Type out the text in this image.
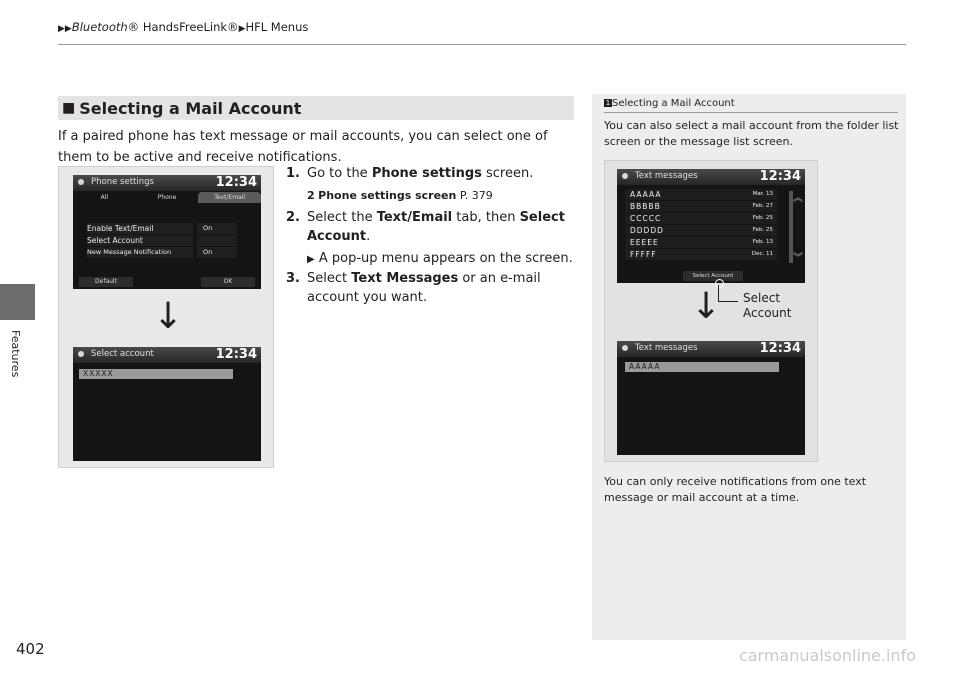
▶▶Bluetooth® HandsFreeLink®▶HFL Menus
Features
402
■ Selecting a Mail Account
If a paired phone has text message or mail accounts, you can select one of them to be active and receive notifications.
Phone settings	12:34
All	Phone	Text/Email
Enable Text/Email	On
Select Account
New Message Notification	On
Default	OK
↓
Select account	12:34
XXXXX
1. Go to the Phone settings screen.
2 Phone settings screen P. 379
2. Select the Text/Email tab, then Select Account.
▶ A pop-up menu appears on the screen.
3. Select Text Messages or an e-mail account you want.
1 Selecting a Mail Account
You can also select a mail account from the folder list screen or the message list screen.
Text messages	12:34
AAAAA	Mar. 13
BBBBB	Feb. 27
CCCCC	Feb. 25
DDDDD	Feb. 25
EEEEE	Feb. 13
FFFFF	Dec. 11
︽
︾
Select Account
Select Account
↓
Text messages	12:34
AAAAA
You can only receive notifications from one text message or mail account at a time.
carmanualsonline.info
